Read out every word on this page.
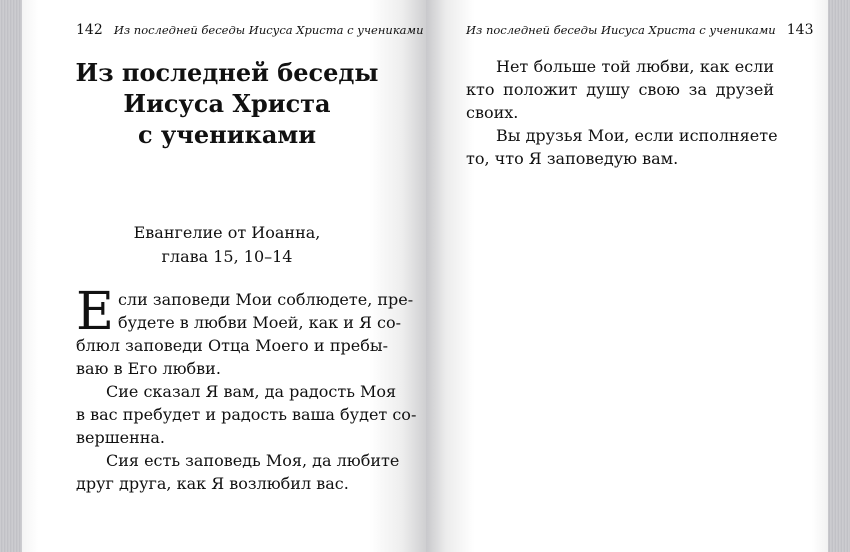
142 Из последней беседы Иисуса Христа с учениками
Из последней беседы
Иисуса Христа
с учениками
Евангелие от Иоанна,
глава 15, 10–14

Е сли заповеди Мои соблюдете, пре-
будете в любви Моей, как и Я со-
блюл заповеди Отца Моего и пребы-
ваю в Его любви.

Сие сказал Я вам, да радость Моя
в вас пребудет и радость ваша будет со-
вершенна.

Сия есть заповедь Моя, да любите
друг друга, как Я возлюбил вас.

Из последней беседы Иисуса Христа с учениками 143

Нет больше той любви, как если
кто положит душу свою за друзей
своих.

Вы друзья Мои, если исполняете
то, что Я заповедую вам.
